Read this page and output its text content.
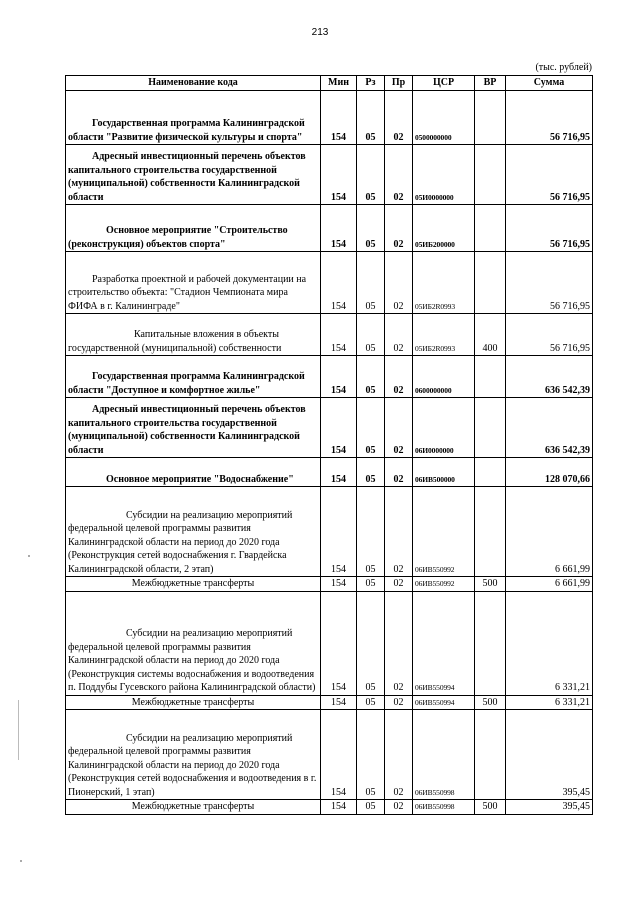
213
(тыс. рублей)
Наименование кода	Мин	Рз	Пр	ЦСР	ВР	Сумма

Государственная программа Калининградской области "Развитие физической культуры и спорта"	154	05	02	0500000000		56 716,95

Адресный инвестиционный перечень объектов капитального строительства государственной (муниципальной) собственности Калининградской области	154	05	02	05И0000000		56 716,95

Основное мероприятие "Строительство (реконструкция) объектов спорта"	154	05	02	05ИБ200000		56 716,95

Разработка проектной и рабочей документации на строительство объекта: "Стадион Чемпионата мира ФИФА в г. Калининграде"	154	05	02	05ИБ2R0993		56 716,95

Капитальные вложения в объекты государственной (муниципальной) собственности	154	05	02	05ИБ2R0993	400	56 716,95

Государственная программа Калининградской области "Доступное и комфортное жилье"	154	05	02	0600000000		636 542,39

Адресный инвестиционный перечень объектов капитального строительства государственной (муниципальной) собственности Калининградской области	154	05	02	06И0000000		636 542,39

Основное мероприятие "Водоснабжение"	154	05	02	06ИВ500000		128 070,66

Субсидии на реализацию мероприятий федеральной целевой программы развития Калининградской области на период до 2020 года (Реконструкция сетей водоснабжения г. Гвардейска Калининградской области, 2 этап)	154	05	02	06ИВ550992		6 661,99

Межбюджетные трансферты	154	05	02	06ИВ550992	500	6 661,99

Субсидии на реализацию мероприятий федеральной целевой программы развития Калининградской области на период до 2020 года (Реконструкция системы водоснабжения и водоотведения п. Поддубы Гусевского района Калининградской области)	154	05	02	06ИВ550994		6 331,21

Межбюджетные трансферты	154	05	02	06ИВ550994	500	6 331,21

Субсидии на реализацию мероприятий федеральной целевой программы развития Калининградской области на период до 2020 года (Реконструкция сетей водоснабжения и водоотведения в г. Пионерский, 1 этап)	154	05	02	06ИВ550998		395,45

Межбюджетные трансферты	154	05	02	06ИВ550998	500	395,45
